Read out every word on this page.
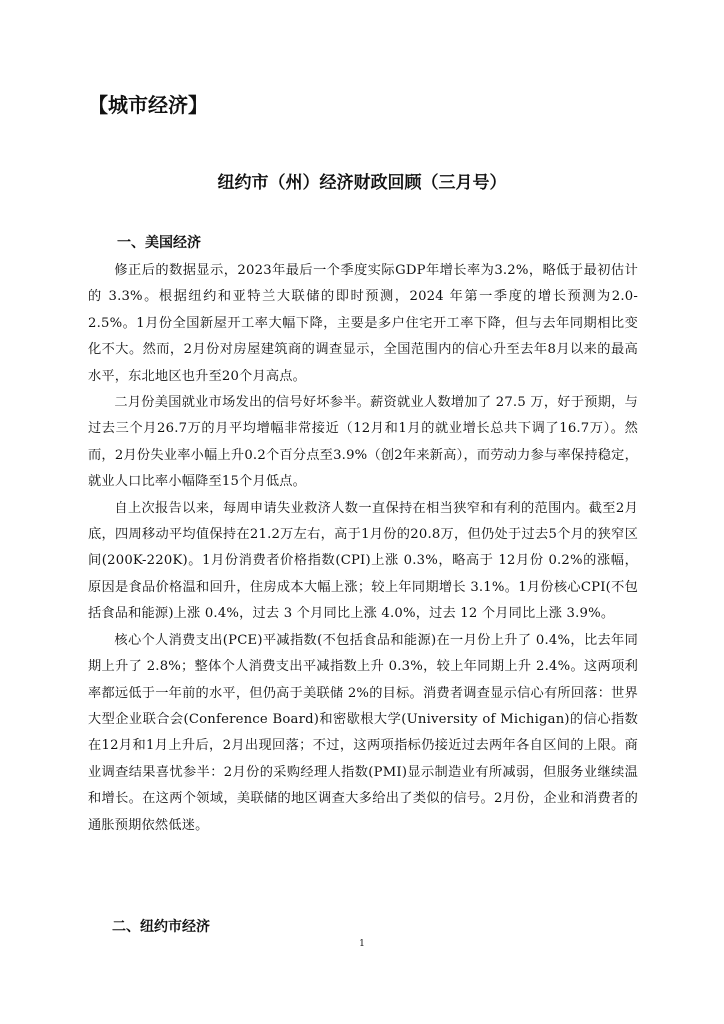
【城市经济】
纽约市（州）经济财政回顾（三月号）
一、美国经济

修正后的数据显示，2023年最后一个季度实际GDP年增长率为3.2%，略低于最初估计的 3.3%。根据纽约和亚特兰大联储的即时预测，2024 年第一季度的增长预测为2.0-2.5%。1月份全国新屋开工率大幅下降，主要是多户住宅开工率下降，但与去年同期相比变化不大。然而，2月份对房屋建筑商的调查显示，全国范围内的信心升至去年8月以来的最高水平，东北地区也升至20个月高点。

二月份美国就业市场发出的信号好坏参半。薪资就业人数增加了 27.5 万，好于预期，与过去三个月26.7万的月平均增幅非常接近（12月和1月的就业增长总共下调了16.7万）。然而，2月份失业率小幅上升0.2个百分点至3.9%（创2年来新高），而劳动力参与率保持稳定，就业人口比率小幅降至15个月低点。

自上次报告以来，每周申请失业救济人数一直保持在相当狭窄和有利的范围内。截至2月底，四周移动平均值保持在21.2万左右，高于1月份的20.8万，但仍处于过去5个月的狭窄区间(200K-220K)。1月份消费者价格指数(CPI)上涨 0.3%，略高于 12月份 0.2%的涨幅，原因是食品价格温和回升，住房成本大幅上涨；较上年同期增长 3.1%。1月份核心CPI(不包括食品和能源)上涨 0.4%，过去 3 个月同比上涨 4.0%，过去 12 个月同比上涨 3.9%。

核心个人消费支出(PCE)平减指数(不包括食品和能源)在一月份上升了 0.4%，比去年同期上升了 2.8%；整体个人消费支出平减指数上升 0.3%，较上年同期上升 2.4%。这两项利率都远低于一年前的水平，但仍高于美联储 2%的目标。消费者调查显示信心有所回落：世界大型企业联合会(Conference Board)和密歇根大学(University of Michigan)的信心指数在12月和1月上升后，2月出现回落；不过，这两项指标仍接近过去两年各自区间的上限。商业调查结果喜忧参半：2月份的采购经理人指数(PMI)显示制造业有所减弱，但服务业继续温和增长。在这两个领域，美联储的地区调查大多给出了类似的信号。2月份，企业和消费者的通胀预期依然低迷。

二、纽约市经济
1
